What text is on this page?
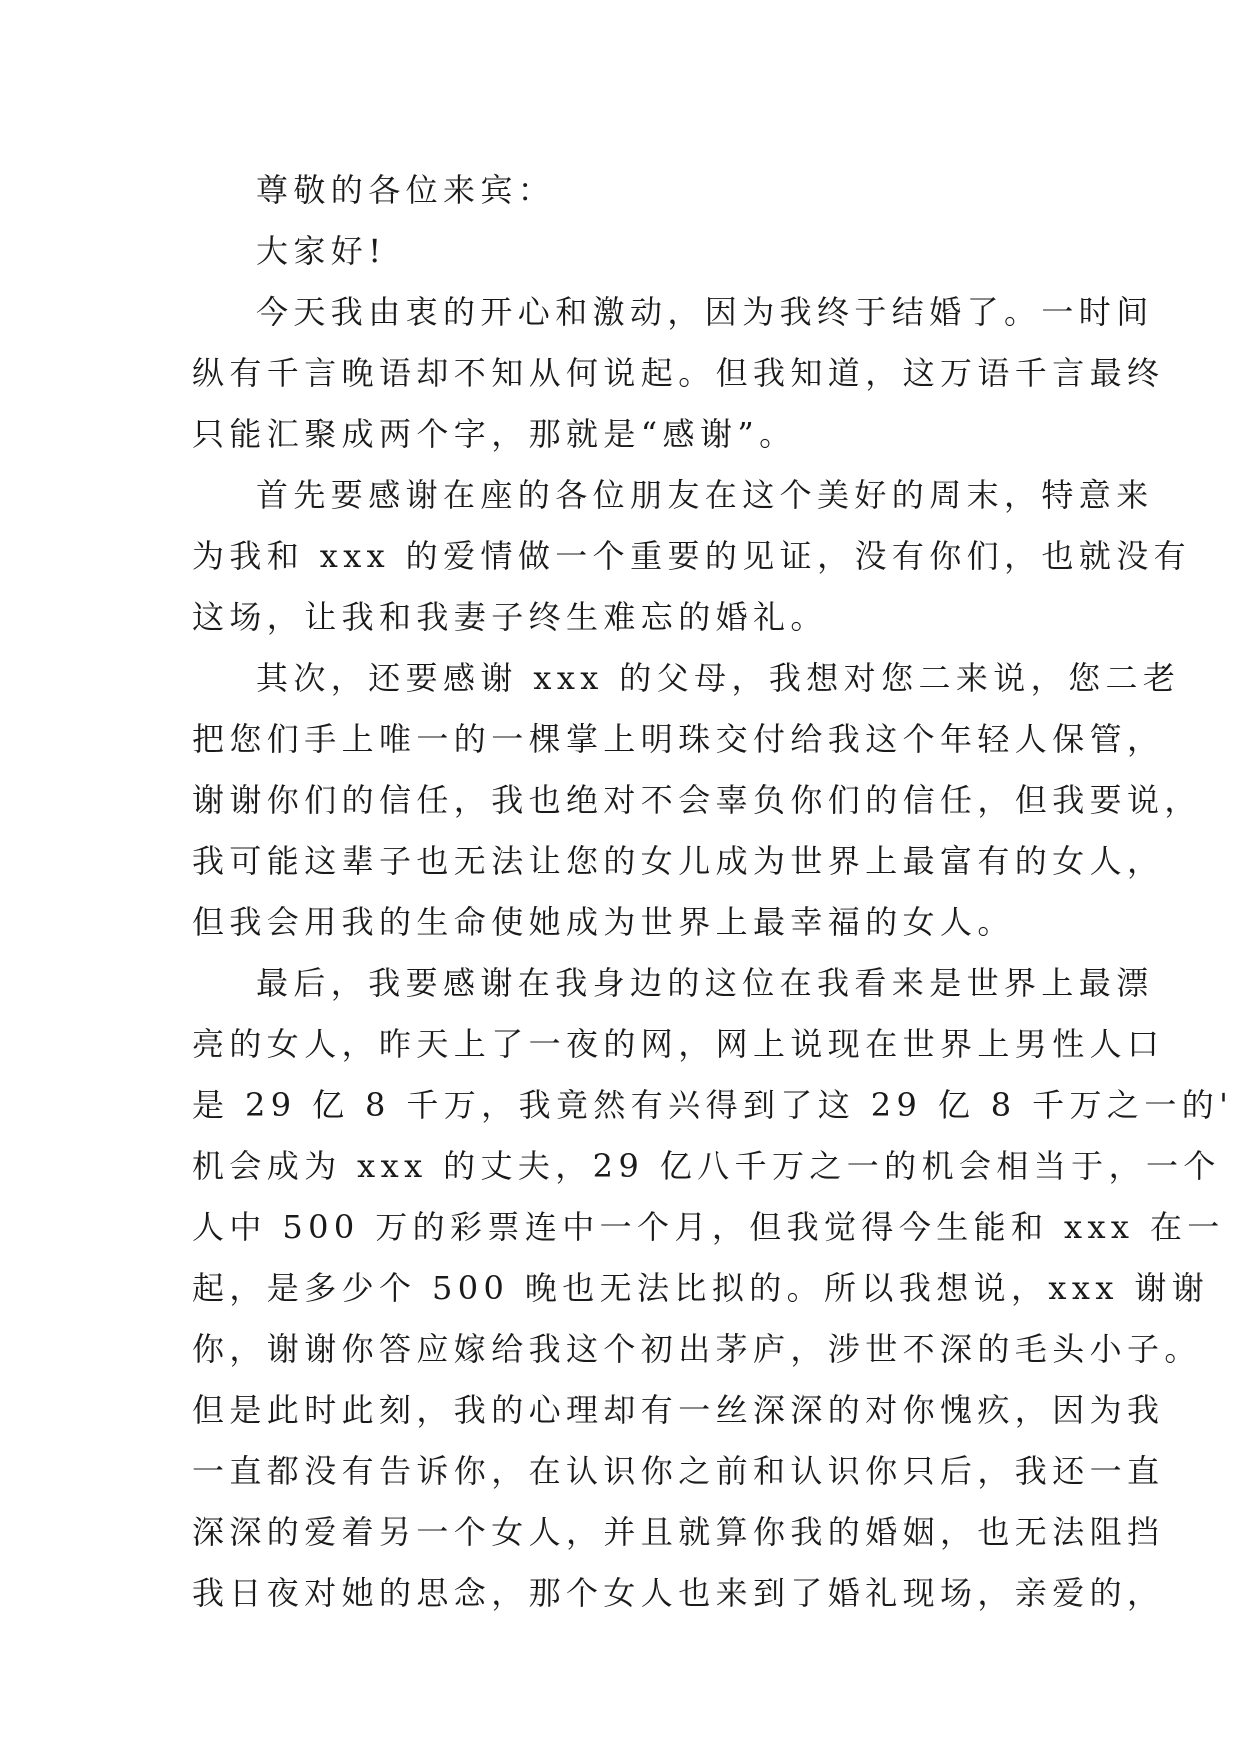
尊敬的各位来宾：
大家好!
今天我由衷的开心和激动，因为我终于结婚了。一时间
纵有千言晚语却不知从何说起。但我知道，这万语千言最终
只能汇聚成两个字，那就是“感谢”。
首先要感谢在座的各位朋友在这个美好的周末，特意来
为我和 xxx 的爱情做一个重要的见证，没有你们，也就没有
这场，让我和我妻子终生难忘的婚礼。
其次，还要感谢 xxx 的父母，我想对您二来说，您二老
把您们手上唯一的一棵掌上明珠交付给我这个年轻人保管，
谢谢你们的信任，我也绝对不会辜负你们的信任，但我要说，
我可能这辈子也无法让您的女儿成为世界上最富有的女人，
但我会用我的生命使她成为世界上最幸福的女人。
最后，我要感谢在我身边的这位在我看来是世界上最漂
亮的女人，昨天上了一夜的网，网上说现在世界上男性人口
是 29 亿 8 千万，我竟然有兴得到了这 29 亿 8 千万之一的'
机会成为 xxx 的丈夫，29 亿八千万之一的机会相当于，一个
人中 500 万的彩票连中一个月，但我觉得今生能和 xxx 在一
起，是多少个 500 晚也无法比拟的。所以我想说，xxx 谢谢
你，谢谢你答应嫁给我这个初出茅庐，涉世不深的毛头小子。
但是此时此刻，我的心理却有一丝深深的对你愧疚，因为我
一直都没有告诉你，在认识你之前和认识你只后，我还一直
深深的爱着另一个女人，并且就算你我的婚姻，也无法阻挡
我日夜对她的思念，那个女人也来到了婚礼现场，亲爱的，
